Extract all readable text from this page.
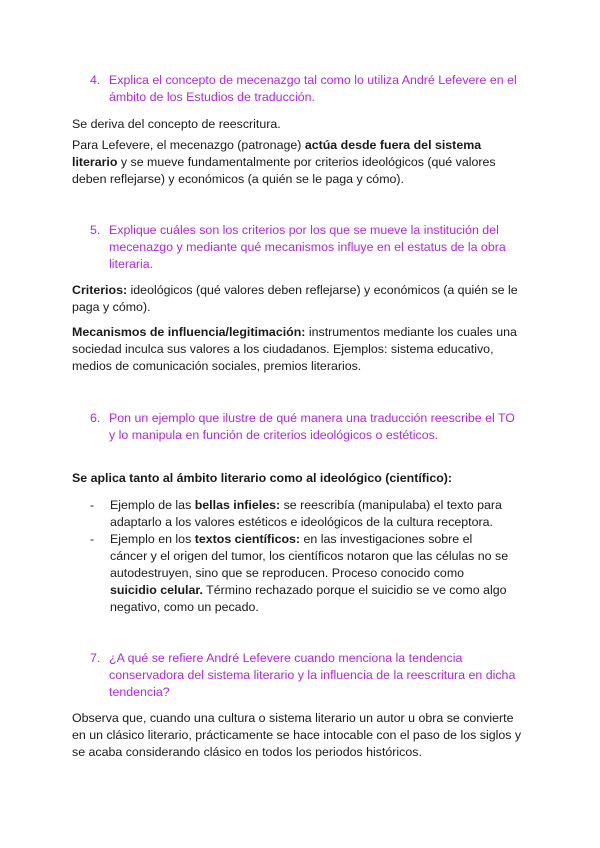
4. Explica el concepto de mecenazgo tal como lo utiliza André Lefevere en el ámbito de los Estudios de traducción.

Se deriva del concepto de reescritura.

Para Lefevere, el mecenazgo (patronage) actúa desde fuera del sistema literario y se mueve fundamentalmente por criterios ideológicos (qué valores deben reflejarse) y económicos (a quién se le paga y cómo).

5. Explique cuáles son los criterios por los que se mueve la institución del mecenazgo y mediante qué mecanismos influye en el estatus de la obra literaria.

Criterios: ideológicos (qué valores deben reflejarse) y económicos (a quién se le paga y cómo).

Mecanismos de influencia/legitimación: instrumentos mediante los cuales una sociedad inculca sus valores a los ciudadanos. Ejemplos: sistema educativo, medios de comunicación sociales, premios literarios.

6. Pon un ejemplo que ilustre de qué manera una traducción reescribe el TO y lo manipula en función de criterios ideológicos o estéticos.

Se aplica tanto al ámbito literario como al ideológico (científico):

- Ejemplo de las bellas infieles: se reescribía (manipulaba) el texto para adaptarlo a los valores estéticos e ideológicos de la cultura receptora.
- Ejemplo en los textos científicos: en las investigaciones sobre el cáncer y el origen del tumor, los científicos notaron que las células no se autodestruyen, sino que se reproducen. Proceso conocido como suicidio celular. Término rechazado porque el suicidio se ve como algo negativo, como un pecado.

7. ¿A qué se refiere André Lefevere cuando menciona la tendencia conservadora del sistema literario y la influencia de la reescritura en dicha tendencia?

Observa que, cuando una cultura o sistema literario un autor u obra se convierte en un clásico literario, prácticamente se hace intocable con el paso de los siglos y se acaba considerando clásico en todos los periodos históricos.
